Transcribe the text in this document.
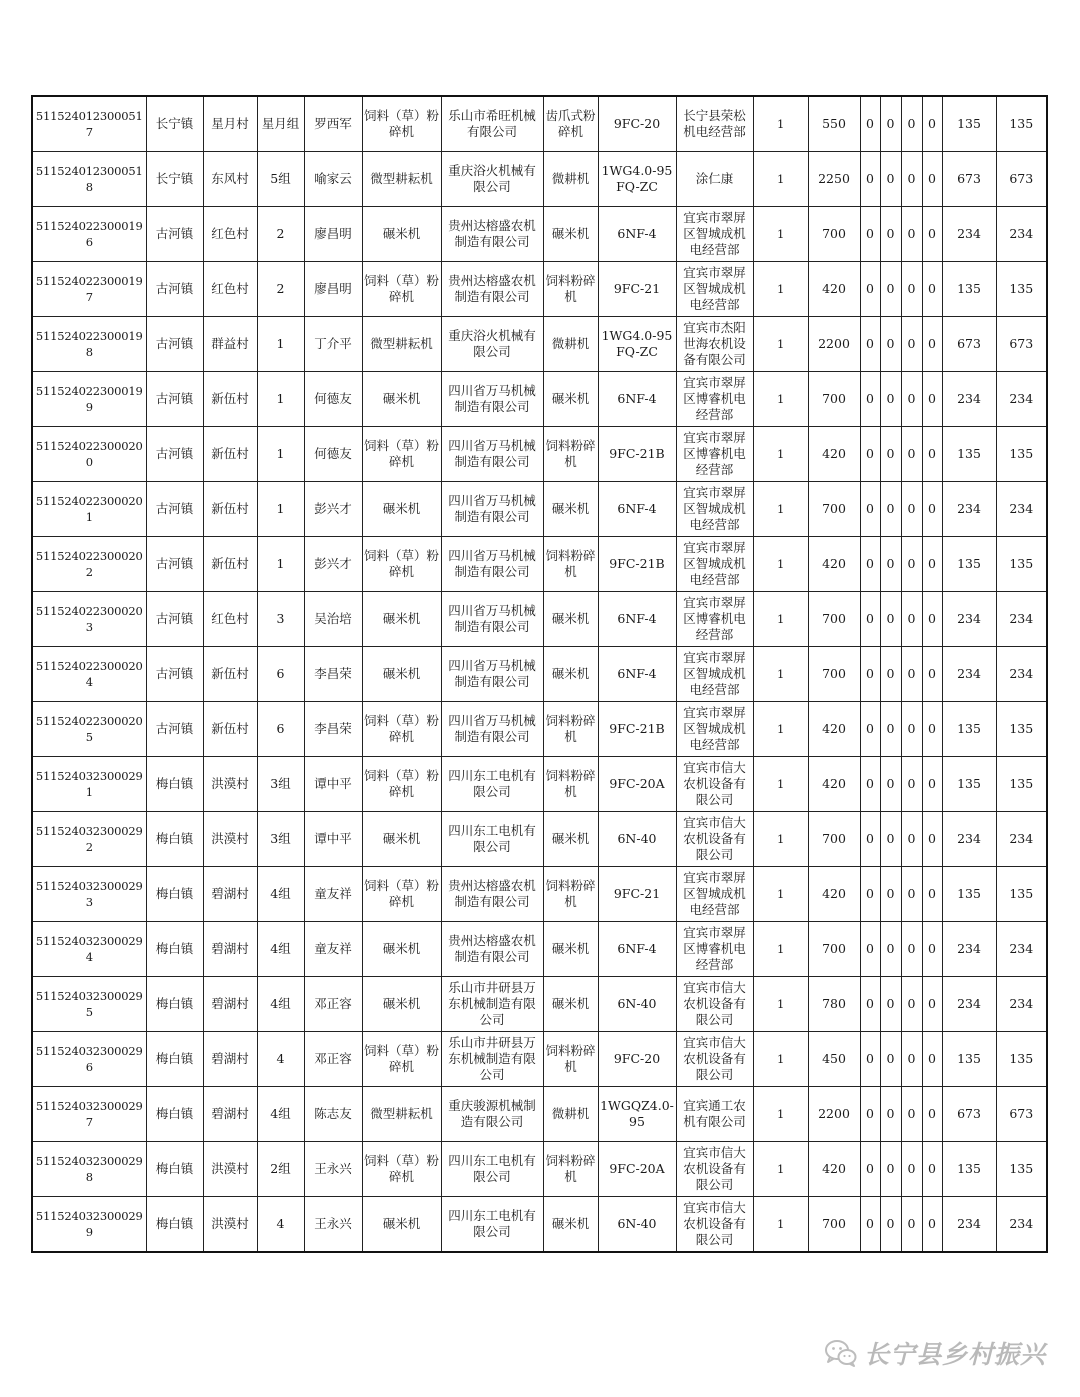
5115240123000517	长宁镇	星月村	星月组	罗西军	饲料（草）粉碎机	乐山市希旺机械有限公司	齿爪式粉碎机	9FC-20	长宁县荣松机电经营部	1	550	0	0	0	0	135	135
5115240123000518	长宁镇	东风村	5组	喻家云	微型耕耘机	重庆浴火机械有限公司	微耕机	1WG4.0-95FQ-ZC	涂仁康	1	2250	0	0	0	0	673	673
5115240223000196	古河镇	红色村	2	廖昌明	碾米机	贵州达榕盛农机制造有限公司	碾米机	6NF-4	宜宾市翠屏区智城成机电经营部	1	700	0	0	0	0	234	234
5115240223000197	古河镇	红色村	2	廖昌明	饲料（草）粉碎机	贵州达榕盛农机制造有限公司	饲料粉碎机	9FC-21	宜宾市翠屏区智城成机电经营部	1	420	0	0	0	0	135	135
5115240223000198	古河镇	群益村	1	丁介平	微型耕耘机	重庆浴火机械有限公司	微耕机	1WG4.0-95FQ-ZC	宜宾市杰阳世海农机设备有限公司	1	2200	0	0	0	0	673	673
5115240223000199	古河镇	新伍村	1	何德友	碾米机	四川省万马机械制造有限公司	碾米机	6NF-4	宜宾市翠屏区博睿机电经营部	1	700	0	0	0	0	234	234
5115240223000200	古河镇	新伍村	1	何德友	饲料（草）粉碎机	四川省万马机械制造有限公司	饲料粉碎机	9FC-21B	宜宾市翠屏区博睿机电经营部	1	420	0	0	0	0	135	135
5115240223000201	古河镇	新伍村	1	彭兴才	碾米机	四川省万马机械制造有限公司	碾米机	6NF-4	宜宾市翠屏区智城成机电经营部	1	700	0	0	0	0	234	234
5115240223000202	古河镇	新伍村	1	彭兴才	饲料（草）粉碎机	四川省万马机械制造有限公司	饲料粉碎机	9FC-21B	宜宾市翠屏区智城成机电经营部	1	420	0	0	0	0	135	135
5115240223000203	古河镇	红色村	3	吴治培	碾米机	四川省万马机械制造有限公司	碾米机	6NF-4	宜宾市翠屏区博睿机电经营部	1	700	0	0	0	0	234	234
5115240223000204	古河镇	新伍村	6	李昌荣	碾米机	四川省万马机械制造有限公司	碾米机	6NF-4	宜宾市翠屏区智城成机电经营部	1	700	0	0	0	0	234	234
5115240223000205	古河镇	新伍村	6	李昌荣	饲料（草）粉碎机	四川省万马机械制造有限公司	饲料粉碎机	9FC-21B	宜宾市翠屏区智城成机电经营部	1	420	0	0	0	0	135	135
5115240323000291	梅白镇	洪漠村	3组	谭中平	饲料（草）粉碎机	四川东工电机有限公司	饲料粉碎机	9FC-20A	宜宾市信大农机设备有限公司	1	420	0	0	0	0	135	135
5115240323000292	梅白镇	洪漠村	3组	谭中平	碾米机	四川东工电机有限公司	碾米机	6N-40	宜宾市信大农机设备有限公司	1	700	0	0	0	0	234	234
5115240323000293	梅白镇	碧湖村	4组	童友祥	饲料（草）粉碎机	贵州达榕盛农机制造有限公司	饲料粉碎机	9FC-21	宜宾市翠屏区智城成机电经营部	1	420	0	0	0	0	135	135
5115240323000294	梅白镇	碧湖村	4组	童友祥	碾米机	贵州达榕盛农机制造有限公司	碾米机	6NF-4	宜宾市翠屏区博睿机电经营部	1	700	0	0	0	0	234	234
5115240323000295	梅白镇	碧湖村	4组	邓正容	碾米机	乐山市井研县万东机械制造有限公司	碾米机	6N-40	宜宾市信大农机设备有限公司	1	780	0	0	0	0	234	234
5115240323000296	梅白镇	碧湖村	4	邓正容	饲料（草）粉碎机	乐山市井研县万东机械制造有限公司	饲料粉碎机	9FC-20	宜宾市信大农机设备有限公司	1	450	0	0	0	0	135	135
5115240323000297	梅白镇	碧湖村	4组	陈志友	微型耕耘机	重庆骏源机械制造有限公司	微耕机	1WGQZ4.0-95	宜宾通工农机有限公司	1	2200	0	0	0	0	673	673
5115240323000298	梅白镇	洪漠村	2组	王永兴	饲料（草）粉碎机	四川东工电机有限公司	饲料粉碎机	9FC-20A	宜宾市信大农机设备有限公司	1	420	0	0	0	0	135	135
5115240323000299	梅白镇	洪漠村	4	王永兴	碾米机	四川东工电机有限公司	碾米机	6N-40	宜宾市信大农机设备有限公司	1	700	0	0	0	0	234	234
长宁县乡村振兴
